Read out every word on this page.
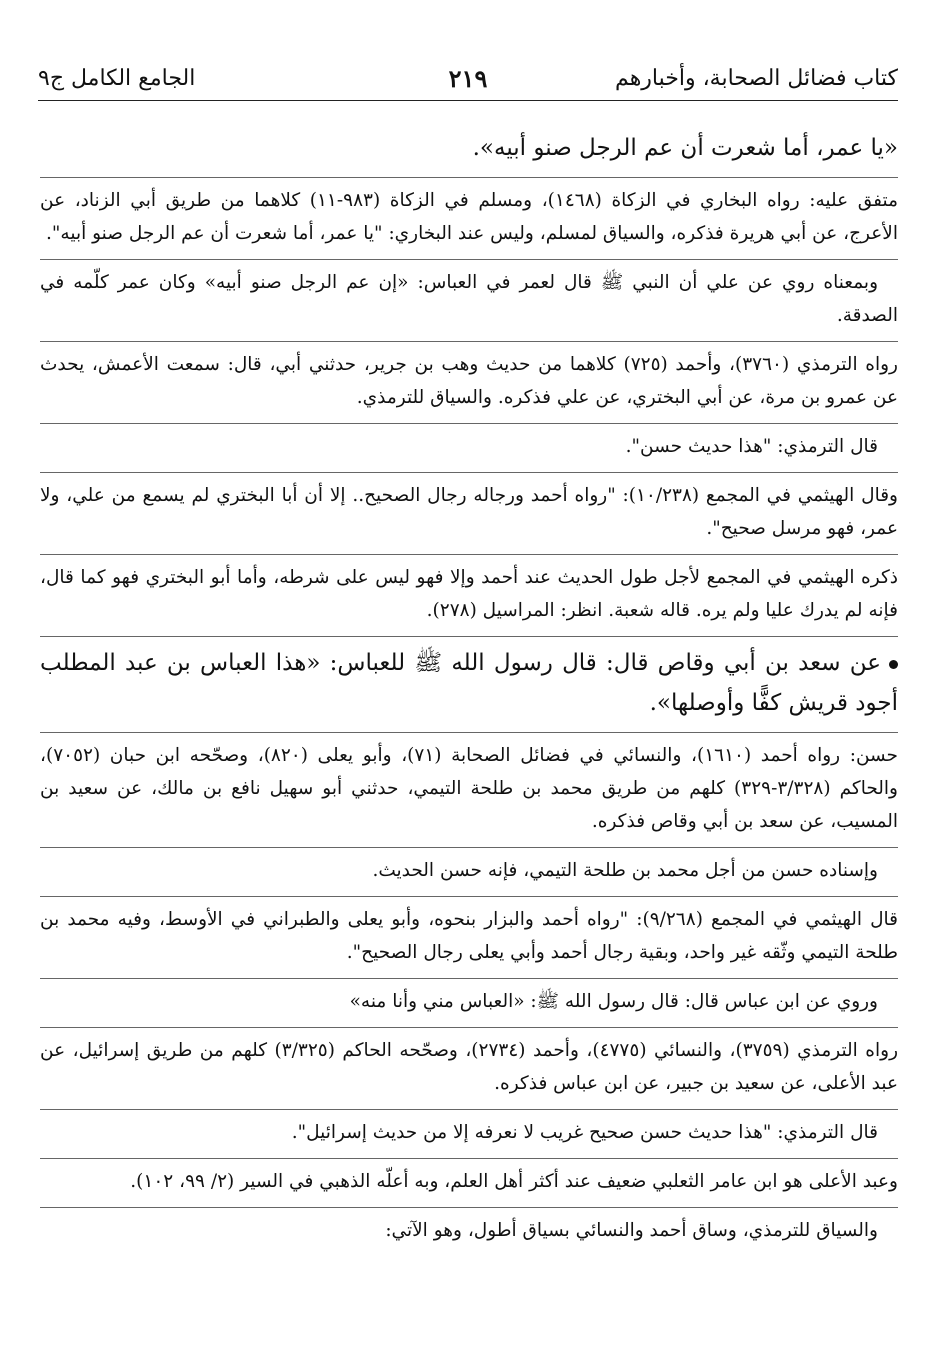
كتاب فضائل الصحابة، وأخبارهم
٢١٩
الجامع الكامل ج٩

«يا عمر، أما شعرت أن عم الرجل صنو أبيه».

متفق عليه: رواه البخاري في الزكاة (١٤٦٨)، ومسلم في الزكاة (٩٨٣-١١) كلاهما من طريق أبي الزناد، عن الأعرج، عن أبي هريرة فذكره، والسياق لمسلم، وليس عند البخاري: "يا عمر، أما شعرت أن عم الرجل صنو أبيه".

وبمعناه روي عن علي أن النبي ﷺ قال لعمر في العباس: «إن عم الرجل صنو أبيه» وكان عمر كلّمه في الصدقة.

رواه الترمذي (٣٧٦٠)، وأحمد (٧٢٥) كلاهما من حديث وهب بن جرير، حدثني أبي، قال: سمعت الأعمش، يحدث عن عمرو بن مرة، عن أبي البختري، عن علي فذكره. والسياق للترمذي.

قال الترمذي: "هذا حديث حسن".

وقال الهيثمي في المجمع (١٠/٢٣٨): "رواه أحمد ورجاله رجال الصحيح.. إلا أن أبا البختري لم يسمع من علي، ولا عمر، فهو مرسل صحيح".

ذكره الهيثمي في المجمع لأجل طول الحديث عند أحمد وإلا فهو ليس على شرطه، وأما أبو البختري فهو كما قال، فإنه لم يدرك عليا ولم يره. قاله شعبة. انظر: المراسيل (٢٧٨).

عن سعد بن أبي وقاص قال: قال رسول الله ﷺ للعباس: «هذا العباس بن عبد المطلب أجود قريش كفًّا وأوصلها».

حسن: رواه أحمد (١٦١٠)، والنسائي في فضائل الصحابة (٧١)، وأبو يعلى (٨٢٠)، وصحّحه ابن حبان (٧٠٥٢)، والحاكم (٣/٣٢٨-٣٢٩) كلهم من طريق محمد بن طلحة التيمي، حدثني أبو سهيل نافع بن مالك، عن سعيد بن المسيب، عن سعد بن أبي وقاص فذكره.

وإسناده حسن من أجل محمد بن طلحة التيمي، فإنه حسن الحديث.

قال الهيثمي في المجمع (٩/٢٦٨): "رواه أحمد والبزار بنحوه، وأبو يعلى والطبراني في الأوسط، وفيه محمد بن طلحة التيمي وثّقه غير واحد، وبقية رجال أحمد وأبي يعلى رجال الصحيح".

وروي عن ابن عباس قال: قال رسول الله ﷺ: «العباس مني وأنا منه»

رواه الترمذي (٣٧٥٩)، والنسائي (٤٧٧٥)، وأحمد (٢٧٣٤)، وصحّحه الحاكم (٣/٣٢٥) كلهم من طريق إسرائيل، عن عبد الأعلى، عن سعيد بن جبير، عن ابن عباس فذكره.

قال الترمذي: "هذا حديث حسن صحيح غريب لا نعرفه إلا من حديث إسرائيل".

وعبد الأعلى هو ابن عامر الثعلبي ضعيف عند أكثر أهل العلم، وبه أعلّه الذهبي في السير (٢/ ٩٩، ١٠٢).

والسياق للترمذي، وساق أحمد والنسائي بسياق أطول، وهو الآتي:
